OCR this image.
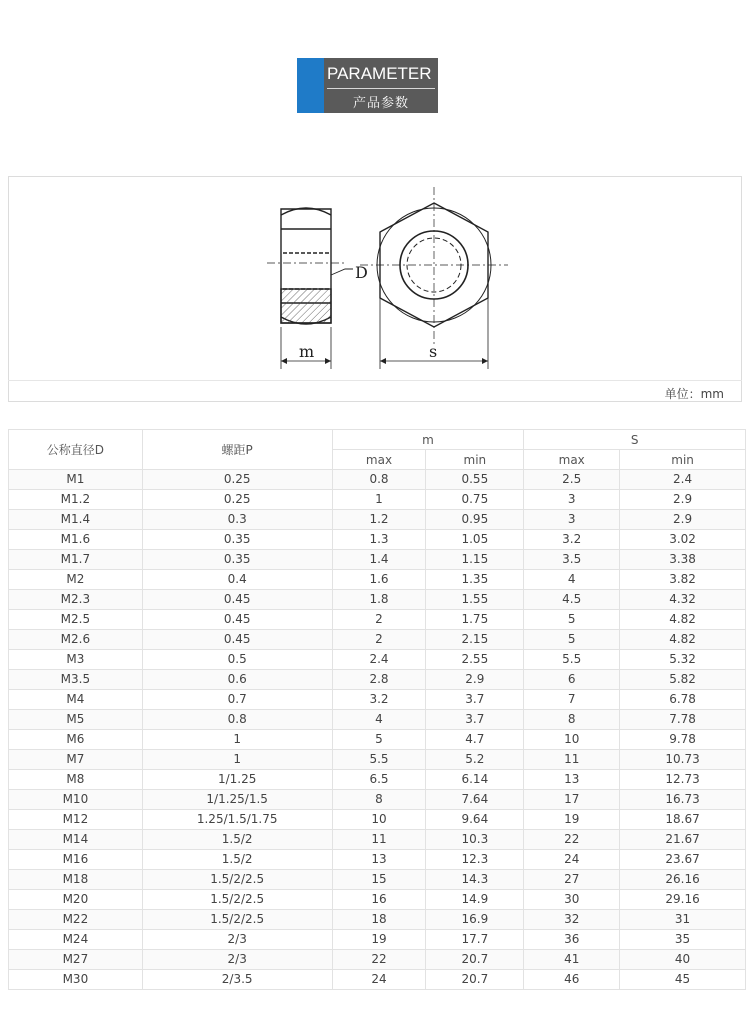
PARAMETER
产品参数
D
m	s
单位：mm
公称直径D	螺距P	m		S	
		max	min	max	min
M1	0.25	0.8	0.55	2.5	2.4
M1.2	0.25	1	0.75	3	2.9
M1.4	0.3	1.2	0.95	3	2.9
M1.6	0.35	1.3	1.05	3.2	3.02
M1.7	0.35	1.4	1.15	3.5	3.38
M2	0.4	1.6	1.35	4	3.82
M2.3	0.45	1.8	1.55	4.5	4.32
M2.5	0.45	2	1.75	5	4.82
M2.6	0.45	2	2.15	5	4.82
M3	0.5	2.4	2.55	5.5	5.32
M3.5	0.6	2.8	2.9	6	5.82
M4	0.7	3.2	3.7	7	6.78
M5	0.8	4	3.7	8	7.78
M6	1	5	4.7	10	9.78
M7	1	5.5	5.2	11	10.73
M8	1/1.25	6.5	6.14	13	12.73
M10	1/1.25/1.5	8	7.64	17	16.73
M12	1.25/1.5/1.75	10	9.64	19	18.67
M14	1.5/2	11	10.3	22	21.67
M16	1.5/2	13	12.3	24	23.67
M18	1.5/2/2.5	15	14.3	27	26.16
M20	1.5/2/2.5	16	14.9	30	29.16
M22	1.5/2/2.5	18	16.9	32	31
M24	2/3	19	17.7	36	35
M27	2/3	22	20.7	41	40
M30	2/3.5	24	20.7	46	45
